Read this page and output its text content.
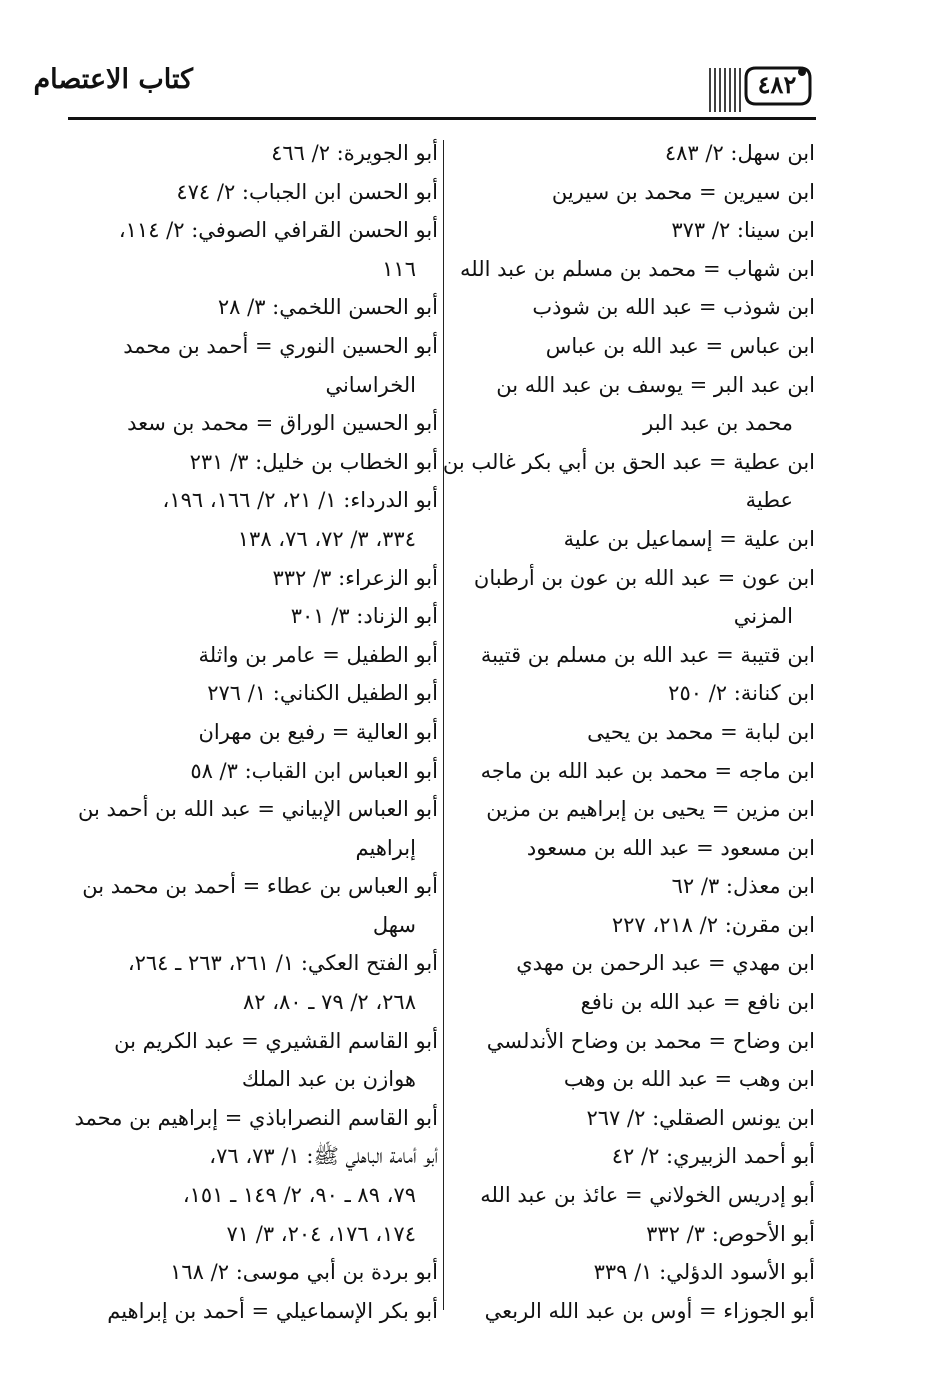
كتاب الاعتصام	٤٨٢
ابن سهل: ٢/ ٤٨٣
ابن سيرين = محمد بن سيرين
ابن سينا: ٢/ ٣٧٣
ابن شهاب = محمد بن مسلم بن عبد الله
ابن شوذب = عبد الله بن شوذب
ابن عباس = عبد الله بن عباس
ابن عبد البر = يوسف بن عبد الله بن
محمد بن عبد البر
ابن عطية = عبد الحق بن أبي بكر غالب بن
عطية
ابن علية = إسماعيل بن علية
ابن عون = عبد الله بن عون بن أرطبان
المزني
ابن قتيبة = عبد الله بن مسلم بن قتيبة
ابن كنانة: ٢/ ٢٥٠
ابن لبابة = محمد بن يحيى
ابن ماجه = محمد بن عبد الله بن ماجه
ابن مزين = يحيى بن إبراهيم بن مزين
ابن مسعود = عبد الله بن مسعود
ابن معذل: ٣/ ٦٢
ابن مقرن: ٢/ ٢١٨، ٢٢٧
ابن مهدي = عبد الرحمن بن مهدي
ابن نافع = عبد الله بن نافع
ابن وضاح = محمد بن وضاح الأندلسي
ابن وهب = عبد الله بن وهب
ابن يونس الصقلي: ٢/ ٢٦٧
أبو أحمد الزبيري: ٢/ ٤٢
أبو إدريس الخولاني = عائذ بن عبد الله
أبو الأحوص: ٣/ ٣٣٢
أبو الأسود الدؤلي: ١/ ٣٣٩
أبو الجوزاء = أوس بن عبد الله الربعي
أبو الجويرة: ٢/ ٤٦٦
أبو الحسن ابن الجباب: ٢/ ٤٧٤
أبو الحسن القرافي الصوفي: ٢/ ١١٤،
١١٦
أبو الحسن اللخمي: ٣/ ٢٨
أبو الحسين النوري = أحمد بن محمد
الخراساني
أبو الحسين الوراق = محمد بن سعد
أبو الخطاب بن خليل: ٣/ ٢٣١
أبو الدرداء: ١/ ٢١، ٢/ ١٦٦، ١٩٦،
٣٣٤، ٣/ ٧٢، ٧٦، ١٣٨
أبو الزعراء: ٣/ ٣٣٢
أبو الزناد: ٣/ ٣٠١
أبو الطفيل = عامر بن واثلة
أبو الطفيل الكناني: ١/ ٢٧٦
أبو العالية = رفيع بن مهران
أبو العباس ابن القباب: ٣/ ٥٨
أبو العباس الإبياني = عبد الله بن أحمد بن
إبراهيم
أبو العباس بن عطاء = أحمد بن محمد بن
سهل
أبو الفتح العكي: ١/ ٢٦١، ٢٦٣ ـ ٢٦٤،
٢٦٨، ٢/ ٧٩ ـ ٨٠، ٨٢
أبو القاسم القشيري = عبد الكريم بن
هوازن بن عبد الملك
أبو القاسم النصراباذي = إبراهيم بن محمد
أبو أمامة الباهلي ﷺ: ١/ ٧٣، ٧٦،
٧٩، ٨٩ ـ ٩٠، ٢/ ١٤٩ ـ ١٥١،
١٧٤، ١٧٦، ٢٠٤، ٣/ ٧١
أبو بردة بن أبي موسى: ٢/ ١٦٨
أبو بكر الإسماعيلي = أحمد بن إبراهيم
